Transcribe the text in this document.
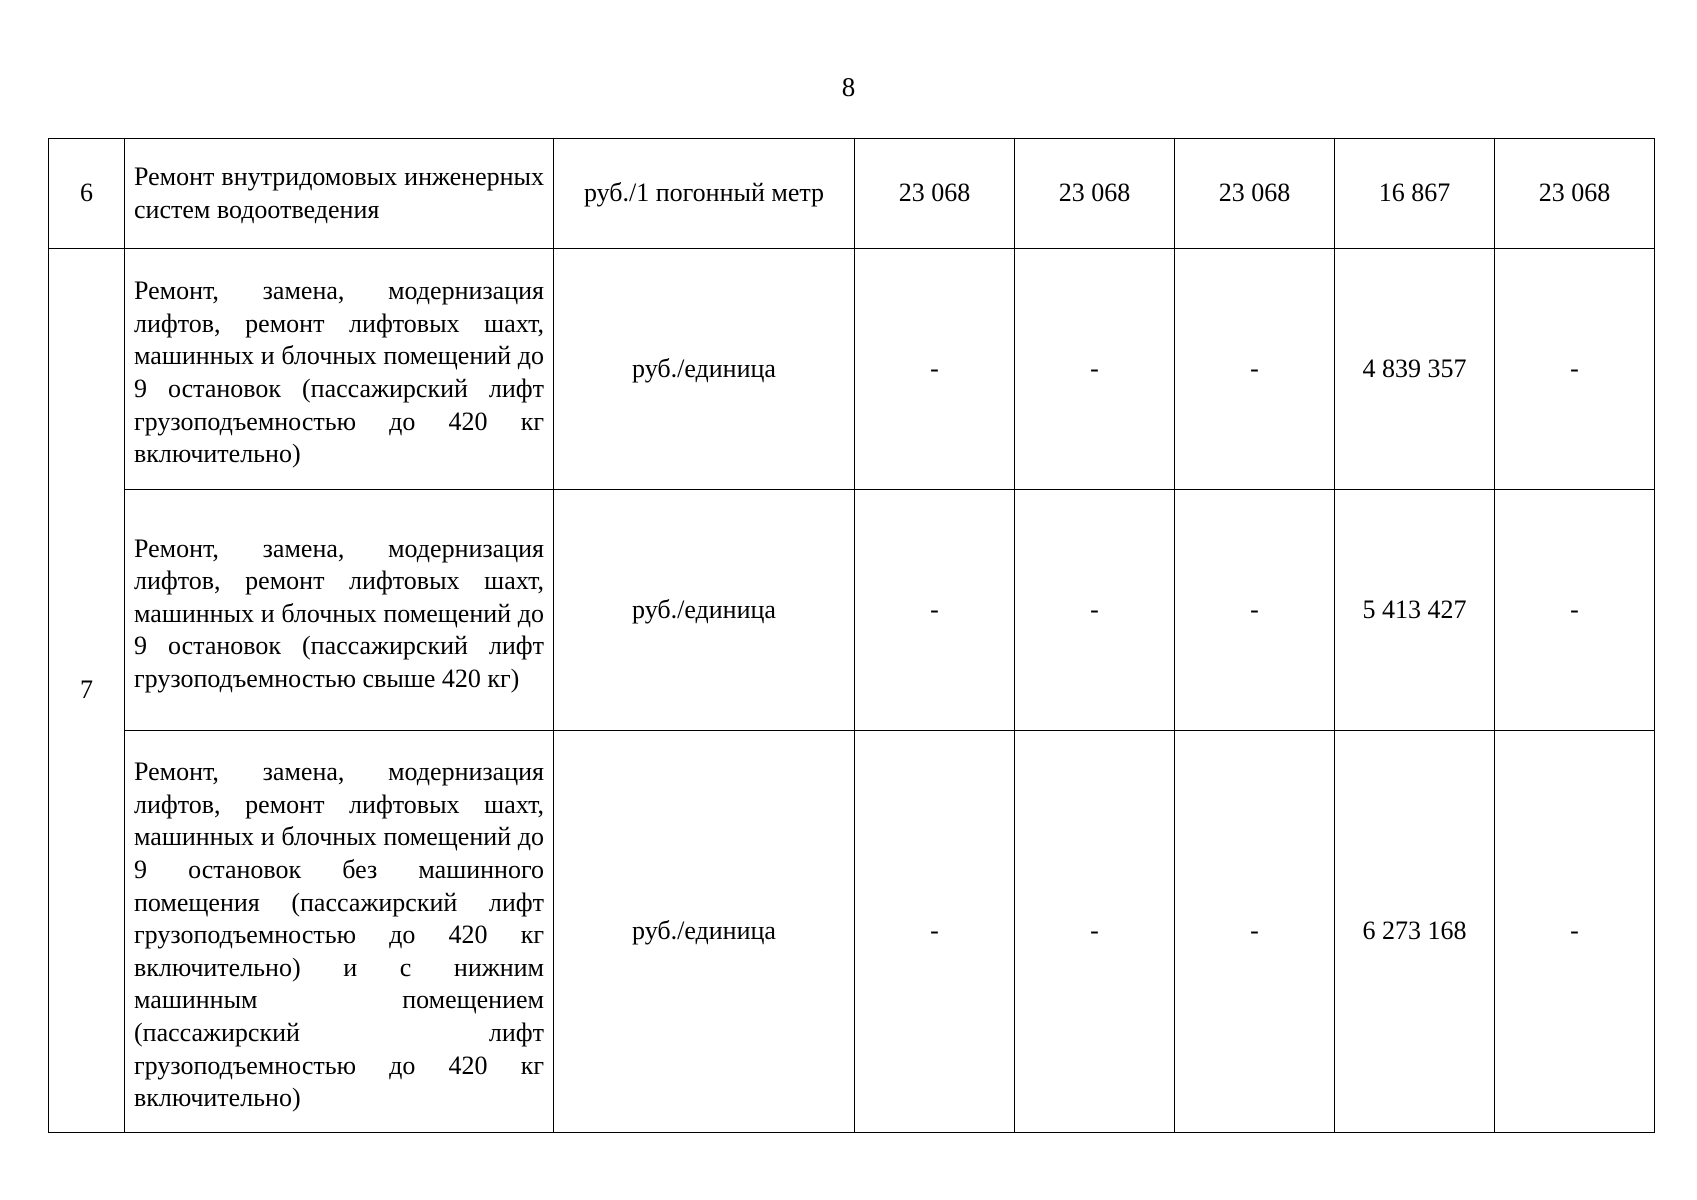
8
6	Ремонт внутридомовых инженерных систем водоотведения	руб./1 погонный метр	23 068	23 068	23 068	16 867	23 068
7	Ремонт, замена, модернизация лифтов, ремонт лифтовых шахт, машинных и блочных помещений до 9 остановок (пассажирский лифт грузоподъемностью до 420 кг включительно)	руб./единица	-	-	-	4 839 357	-

	Ремонт, замена, модернизация лифтов, ремонт лифтовых шахт, машинных и блочных помещений до 9 остановок (пассажирский лифт грузоподъемностью свыше 420 кг)	руб./единица	-	-	-	5 413 427	-

	Ремонт, замена, модернизация лифтов, ремонт лифтовых шахт, машинных и блочных помещений до 9 остановок без машинного помещения (пассажирский лифт грузоподъемностью до 420 кг включительно) и с нижним машинным помещением (пассажирский лифт грузоподъемностью до 420 кг включительно)	руб./единица	-	-	-	6 273 168	-
